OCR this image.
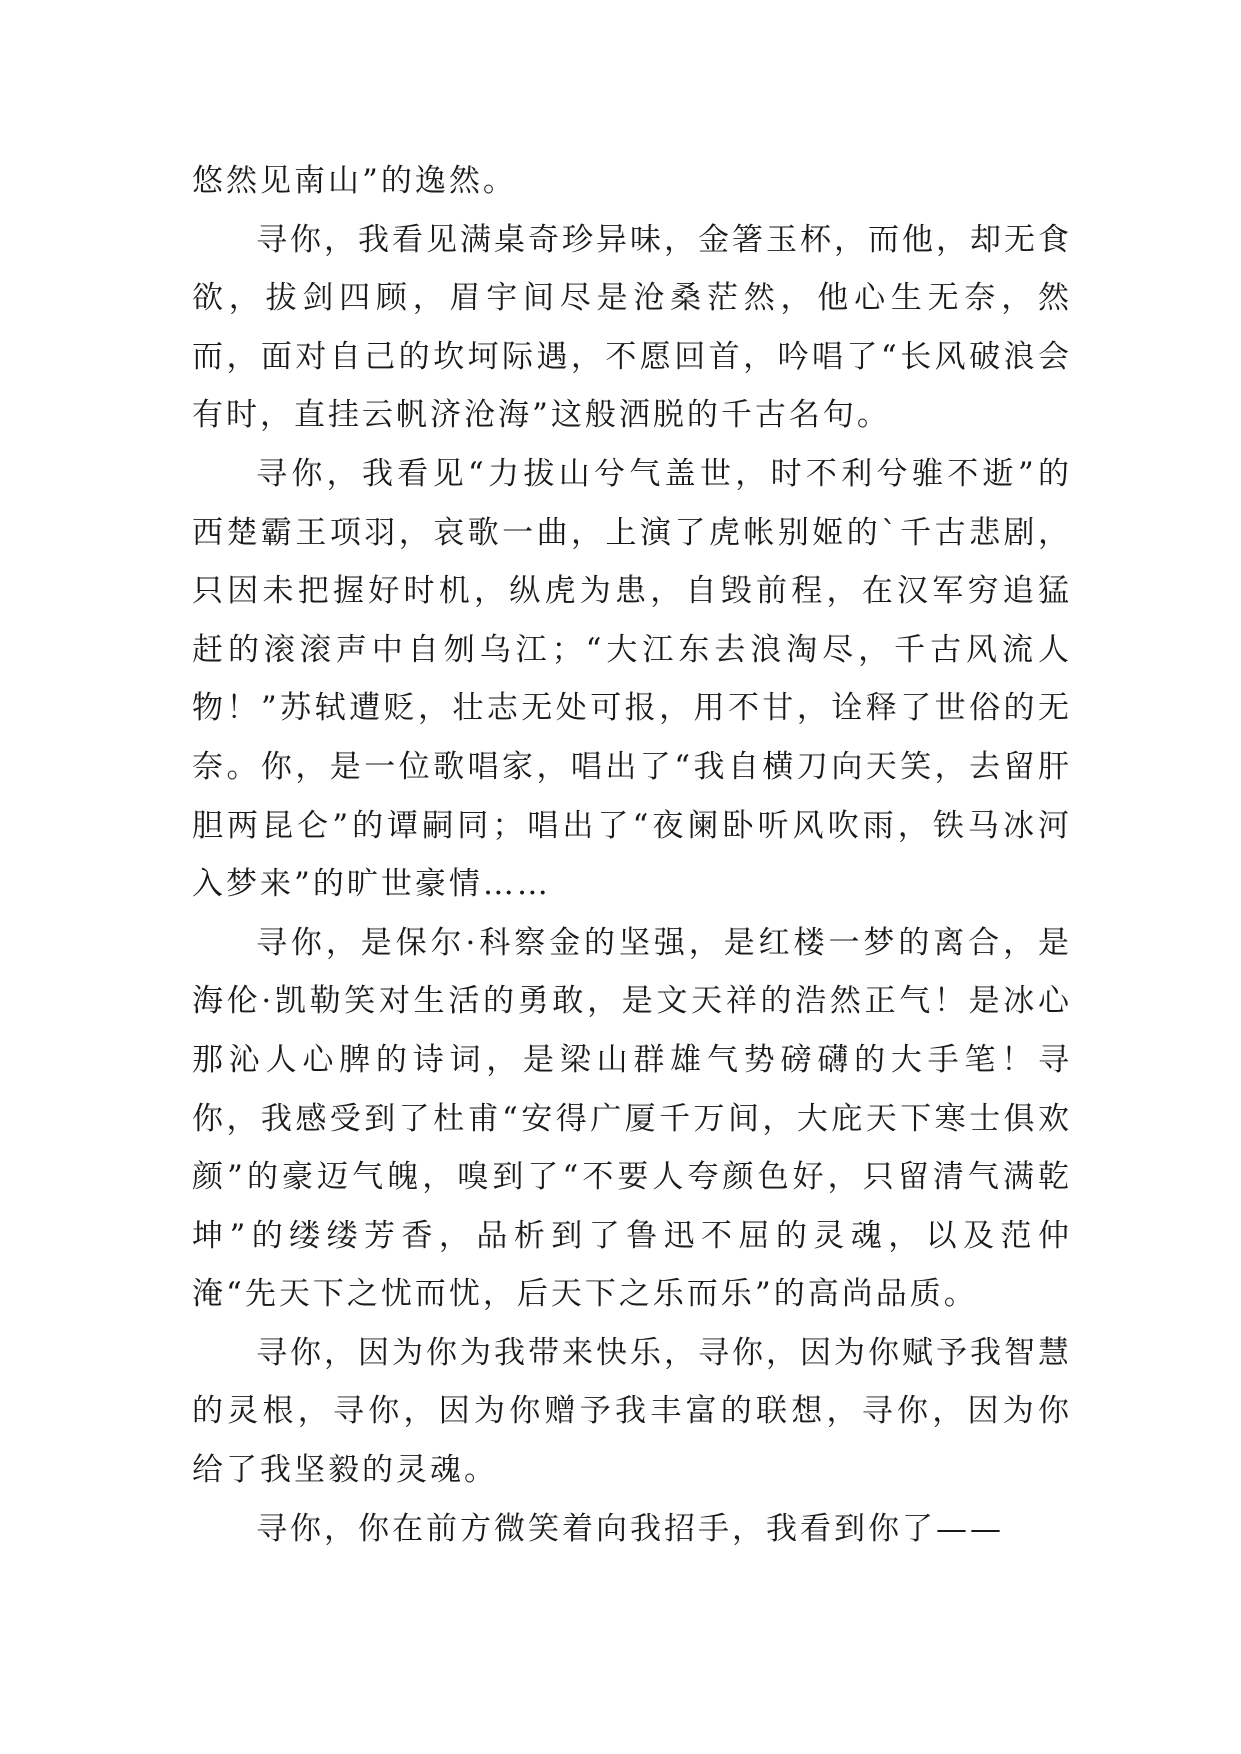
悠然见南山”的逸然。

寻你，我看见满桌奇珍异味，金箸玉杯，而他，却无食欲，拔剑四顾，眉宇间尽是沧桑茫然，他心生无奈，然而，面对自己的坎坷际遇，不愿回首，吟唱了“长风破浪会有时，直挂云帆济沧海”这般洒脱的千古名句。

寻你，我看见“力拔山兮气盖世，时不利兮骓不逝”的西楚霸王项羽，哀歌一曲，上演了虎帐别姬的`千古悲剧，只因未把握好时机，纵虎为患，自毁前程，在汉军穷追猛赶的滚滚声中自刎乌江；“大江东去浪淘尽，千古风流人物！”苏轼遭贬，壮志无处可报，用不甘，诠释了世俗的无奈。你，是一位歌唱家，唱出了“我自横刀向天笑，去留肝胆两昆仑”的谭嗣同；唱出了“夜阑卧听风吹雨，铁马冰河入梦来”的旷世豪情……

寻你，是保尔·科察金的坚强，是红楼一梦的离合，是海伦·凯勒笑对生活的勇敢，是文天祥的浩然正气！是冰心那沁人心脾的诗词，是梁山群雄气势磅礴的大手笔！寻你，我感受到了杜甫“安得广厦千万间，大庇天下寒士俱欢颜”的豪迈气魄，嗅到了“不要人夸颜色好，只留清气满乾坤”的缕缕芳香，品析到了鲁迅不屈的灵魂，以及范仲淹“先天下之忧而忧，后天下之乐而乐”的高尚品质。

寻你，因为你为我带来快乐，寻你，因为你赋予我智慧的灵根，寻你，因为你赠予我丰富的联想，寻你，因为你给了我坚毅的灵魂。

寻你，你在前方微笑着向我招手，我看到你了——
